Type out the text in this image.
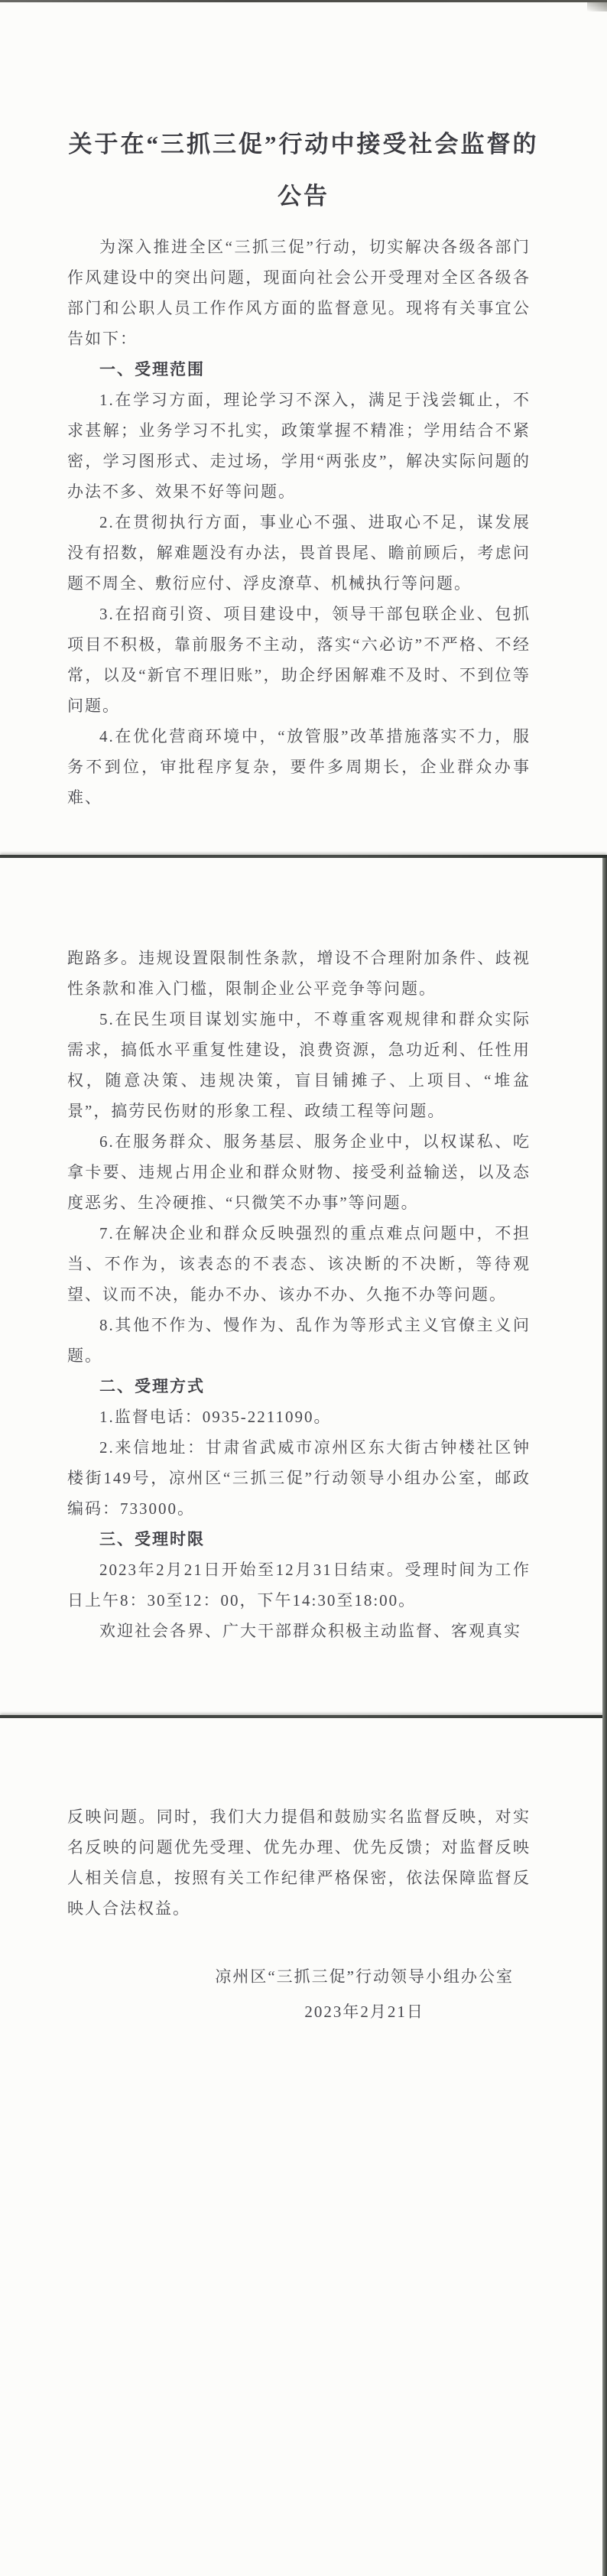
关于在“三抓三促”行动中接受社会监督的
公告

为深入推进全区“三抓三促”行动，切实解决各级各部门作风建设中的突出问题，现面向社会公开受理对全区各级各部门和公职人员工作作风方面的监督意见。现将有关事宜公告如下：

一、受理范围

1.在学习方面，理论学习不深入，满足于浅尝辄止，不求甚解；业务学习不扎实，政策掌握不精准；学用结合不紧密，学习图形式、走过场，学用“两张皮”，解决实际问题的办法不多、效果不好等问题。

2.在贯彻执行方面，事业心不强、进取心不足，谋发展没有招数，解难题没有办法，畏首畏尾、瞻前顾后，考虑问题不周全、敷衍应付、浮皮潦草、机械执行等问题。

3.在招商引资、项目建设中，领导干部包联企业、包抓项目不积极，靠前服务不主动，落实“六必访”不严格、不经常，以及“新官不理旧账”，助企纾困解难不及时、不到位等问题。

4.在优化营商环境中，“放管服”改革措施落实不力，服务不到位，审批程序复杂，要件多周期长，企业群众办事难、

跑路多。违规设置限制性条款，增设不合理附加条件、歧视性条款和准入门槛，限制企业公平竞争等问题。

5.在民生项目谋划实施中，不尊重客观规律和群众实际需求，搞低水平重复性建设，浪费资源，急功近利、任性用权，随意决策、违规决策，盲目铺摊子、上项目、“堆盆景”，搞劳民伤财的形象工程、政绩工程等问题。

6.在服务群众、服务基层、服务企业中，以权谋私、吃拿卡要、违规占用企业和群众财物、接受利益输送，以及态度恶劣、生冷硬推、“只微笑不办事”等问题。

7.在解决企业和群众反映强烈的重点难点问题中，不担当、不作为，该表态的不表态、该决断的不决断，等待观望、议而不决，能办不办、该办不办、久拖不办等问题。

8.其他不作为、慢作为、乱作为等形式主义官僚主义问题。

二、受理方式

1.监督电话：0935-2211090。

2.来信地址：甘肃省武威市凉州区东大街古钟楼社区钟楼街149号，凉州区“三抓三促”行动领导小组办公室，邮政编码：733000。

三、受理时限

2023年2月21日开始至12月31日结束。受理时间为工作日上午8：30至12：00，下午14:30至18:00。

欢迎社会各界、广大干部群众积极主动监督、客观真实

反映问题。同时，我们大力提倡和鼓励实名监督反映，对实名反映的问题优先受理、优先办理、优先反馈；对监督反映人相关信息，按照有关工作纪律严格保密，依法保障监督反映人合法权益。

凉州区“三抓三促”行动领导小组办公室
2023年2月21日
